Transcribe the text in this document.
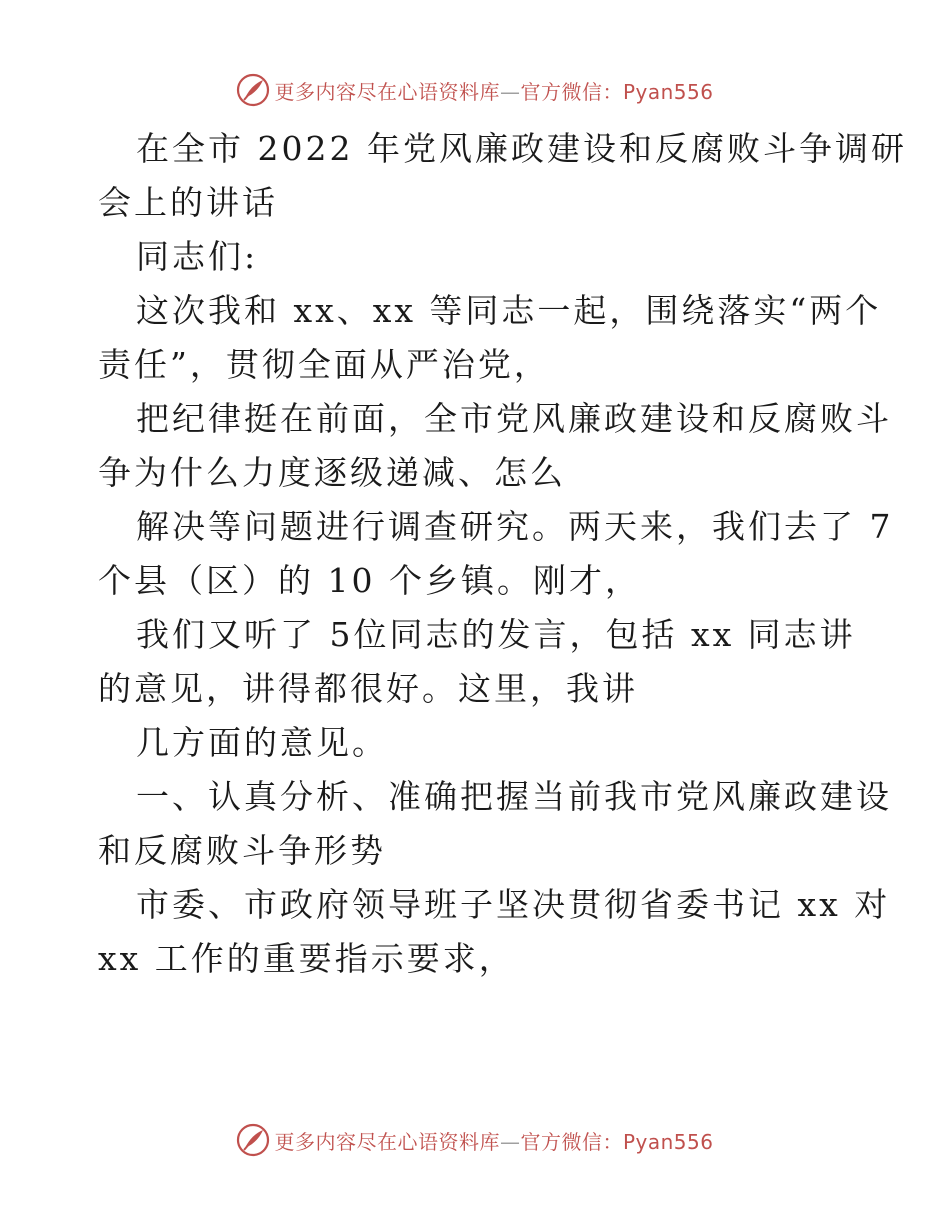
更多内容尽在心语资料库—官方微信：Pyan556
在全市 2022 年党风廉政建设和反腐败斗争调研
会上的讲话
同志们:
这次我和 xx、xx 等同志一起，围绕落实“两个
责任”，贯彻全面从严治党，
把纪律挺在前面，全市党风廉政建设和反腐败斗
争为什么力度逐级递减、怎么
解决等问题进行调查研究。两天来，我们去了 7
个县（区）的 10 个乡镇。刚才，
我们又听了 5位同志的发言，包括 xx 同志讲
的意见，讲得都很好。这里，我讲
几方面的意见。
一、认真分析、准确把握当前我市党风廉政建设
和反腐败斗争形势
市委、市政府领导班子坚决贯彻省委书记 xx 对
xx 工作的重要指示要求，
更多内容尽在心语资料库—官方微信：Pyan556
